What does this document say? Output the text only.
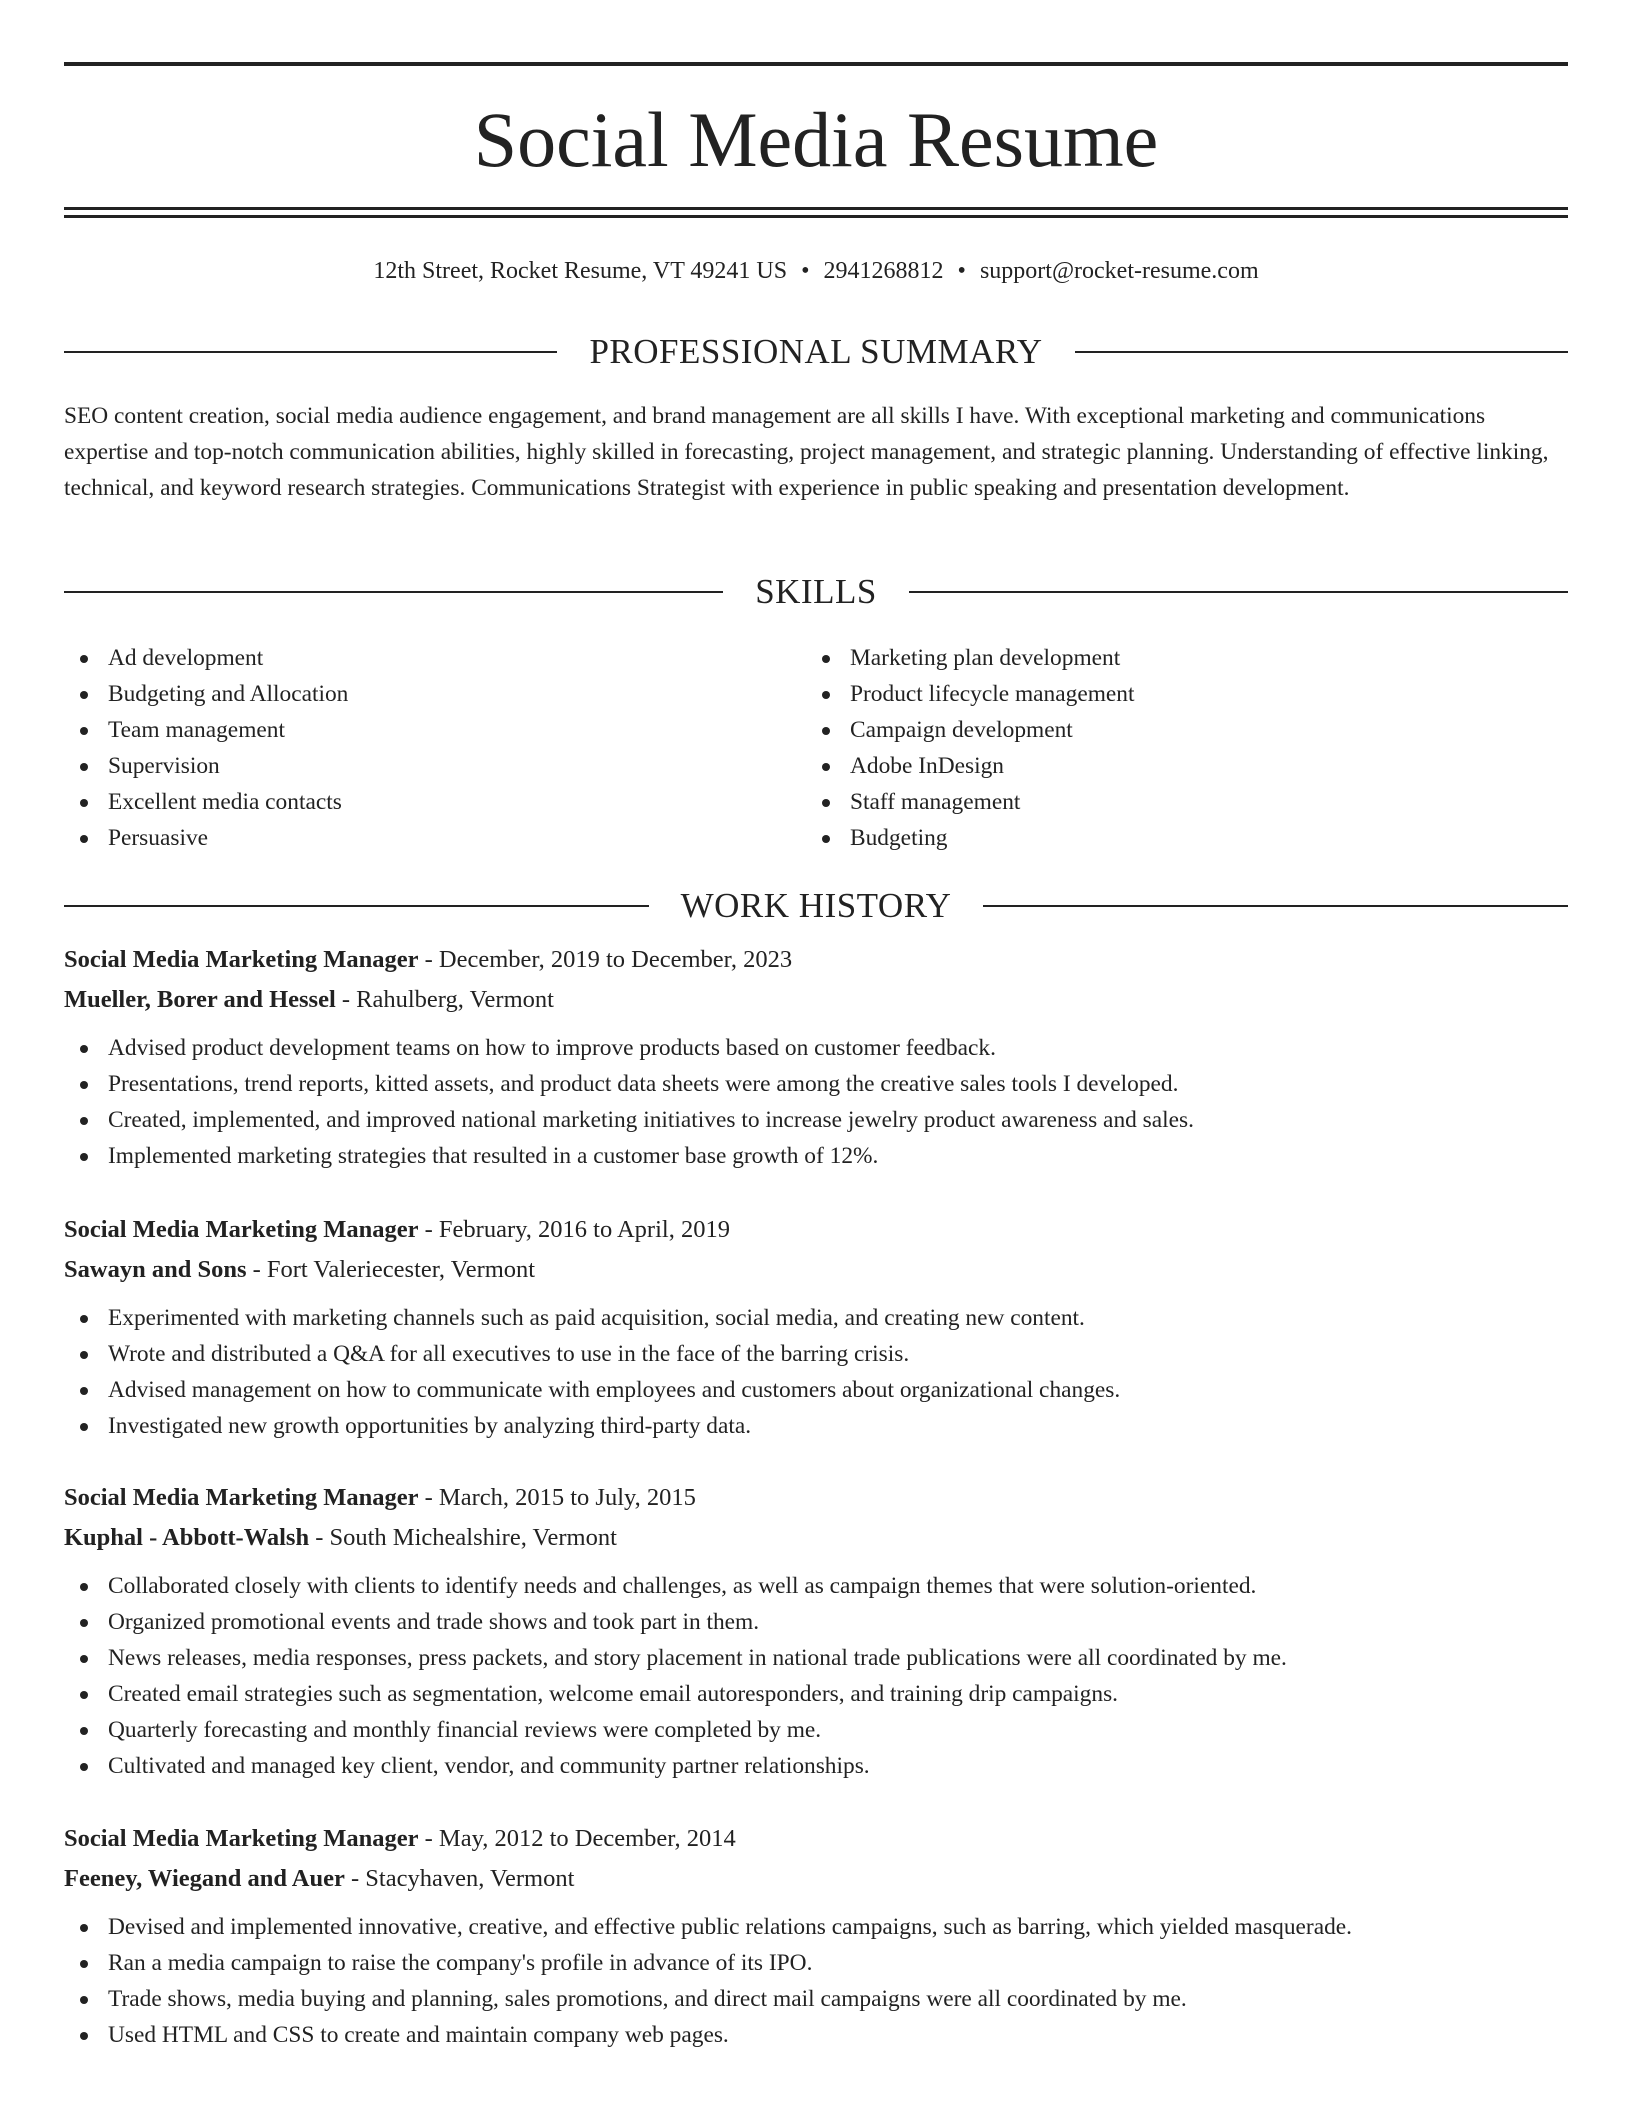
Social Media Resume
12th Street, Rocket Resume, VT 49241 US • 2941268812 • support@rocket-resume.com
PROFESSIONAL SUMMARY
SEO content creation, social media audience engagement, and brand management are all skills I have. With exceptional marketing and communications expertise and top-notch communication abilities, highly skilled in forecasting, project management, and strategic planning. Understanding of effective linking, technical, and keyword research strategies. Communications Strategist with experience in public speaking and presentation development.
SKILLS
Ad development
Budgeting and Allocation
Team management
Supervision
Excellent media contacts
Persuasive
Marketing plan development
Product lifecycle management
Campaign development
Adobe InDesign
Staff management
Budgeting
WORK HISTORY
Social Media Marketing Manager - December, 2019 to December, 2023
Mueller, Borer and Hessel - Rahulberg, Vermont
Advised product development teams on how to improve products based on customer feedback.
Presentations, trend reports, kitted assets, and product data sheets were among the creative sales tools I developed.
Created, implemented, and improved national marketing initiatives to increase jewelry product awareness and sales.
Implemented marketing strategies that resulted in a customer base growth of 12%.
Social Media Marketing Manager - February, 2016 to April, 2019
Sawayn and Sons - Fort Valeriecester, Vermont
Experimented with marketing channels such as paid acquisition, social media, and creating new content.
Wrote and distributed a Q&A for all executives to use in the face of the barring crisis.
Advised management on how to communicate with employees and customers about organizational changes.
Investigated new growth opportunities by analyzing third-party data.
Social Media Marketing Manager - March, 2015 to July, 2015
Kuphal - Abbott-Walsh - South Michealshire, Vermont
Collaborated closely with clients to identify needs and challenges, as well as campaign themes that were solution-oriented.
Organized promotional events and trade shows and took part in them.
News releases, media responses, press packets, and story placement in national trade publications were all coordinated by me.
Created email strategies such as segmentation, welcome email autoresponders, and training drip campaigns.
Quarterly forecasting and monthly financial reviews were completed by me.
Cultivated and managed key client, vendor, and community partner relationships.
Social Media Marketing Manager - May, 2012 to December, 2014
Feeney, Wiegand and Auer - Stacyhaven, Vermont
Devised and implemented innovative, creative, and effective public relations campaigns, such as barring, which yielded masquerade.
Ran a media campaign to raise the company's profile in advance of its IPO.
Trade shows, media buying and planning, sales promotions, and direct mail campaigns were all coordinated by me.
Used HTML and CSS to create and maintain company web pages.
